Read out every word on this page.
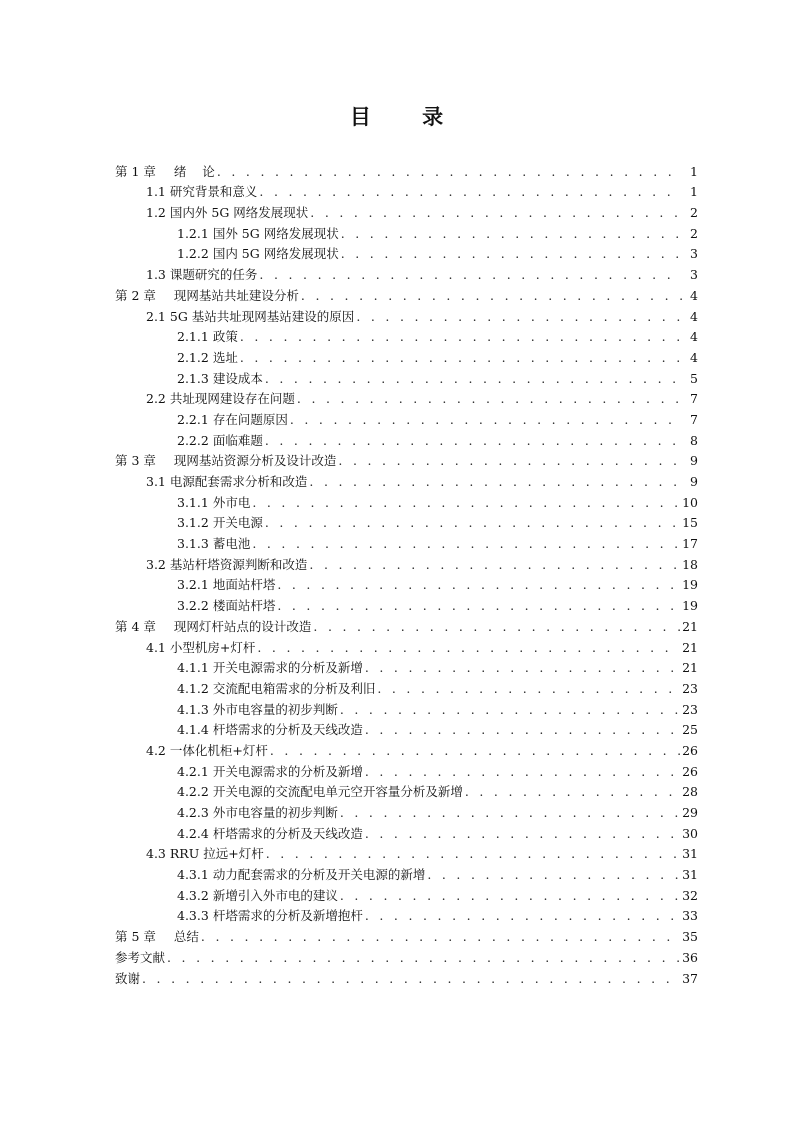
目 录
第 1 章 绪    论 . . .	1
1.1 研究背景和意义 . . .	1
1.2 国内外 5G 网络发展现状 . . .	2
1.2.1 国外 5G 网络发展现状 . . .	2
1.2.2 国内 5G 网络发展现状 . . .	3
1.3 课题研究的任务 . . .	3
第 2 章 现网基站共址建设分析 . . .	4
2.1 5G 基站共址现网基站建设的原因 . . .	4
2.1.1 政策 . . .	4
2.1.2 选址 . . .	4
2.1.3 建设成本 . . .	5
2.2 共址现网建设存在问题 . . .	7
2.2.1 存在问题原因 . . .	7
2.2.2 面临难题 . . .	8
第 3 章 现网基站资源分析及设计改造 . . .	9
3.1 电源配套需求分析和改造 . . .	9
3.1.1 外市电 . . .	10
3.1.2 开关电源 . . .	15
3.1.3 蓄电池 . . .	17
3.2 基站杆塔资源判断和改造 . . .	18
3.2.1 地面站杆塔 . . .	19
3.2.2 楼面站杆塔 . . .	19
第 4 章 现网灯杆站点的设计改造 . . .	21
4.1 小型机房+灯杆 . . .	21
4.1.1 开关电源需求的分析及新增 . . .	21
4.1.2 交流配电箱需求的分析及利旧 . . .	23
4.1.3 外市电容量的初步判断 . . .	23
4.1.4 杆塔需求的分析及天线改造 . . .	25
4.2 一体化机柜+灯杆 . . .	26
4.2.1 开关电源需求的分析及新增 . . .	26
4.2.2 开关电源的交流配电单元空开容量分析及新增 . . .	28
4.2.3 外市电容量的初步判断 . . .	29
4.2.4 杆塔需求的分析及天线改造 . . .	30
4.3 RRU 拉远+灯杆 . . .	31
4.3.1 动力配套需求的分析及开关电源的新增 . . .	31
4.3.2 新增引入外市电的建议 . . .	32
4.3.3 杆塔需求的分析及新增抱杆 . . .	33
第 5 章 总结 . . .	35
参考文献 . . .	36
致谢 . . .	37
